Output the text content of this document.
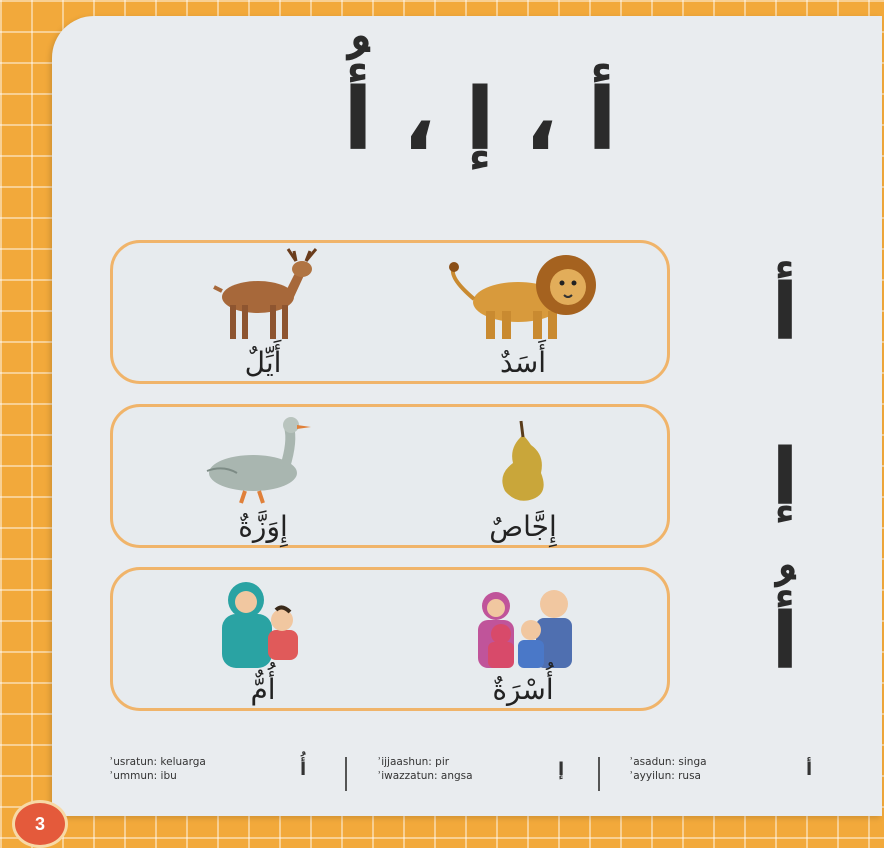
أ ، إ ، أُ
أَسَدٌ
أَيِّلٌ
أ
إِجَّاصٌ
إِوَزَّةٌ
إ
أُسْرَةٌ
أُمٌّ
أُ
ʾusratun: keluarga
ʾummun: ibu	أُ	ʾijjaashun: pir
ʾiwazzatun: angsa	إ	ʾasadun: singa
ʾayyilun: rusa	أ
3
